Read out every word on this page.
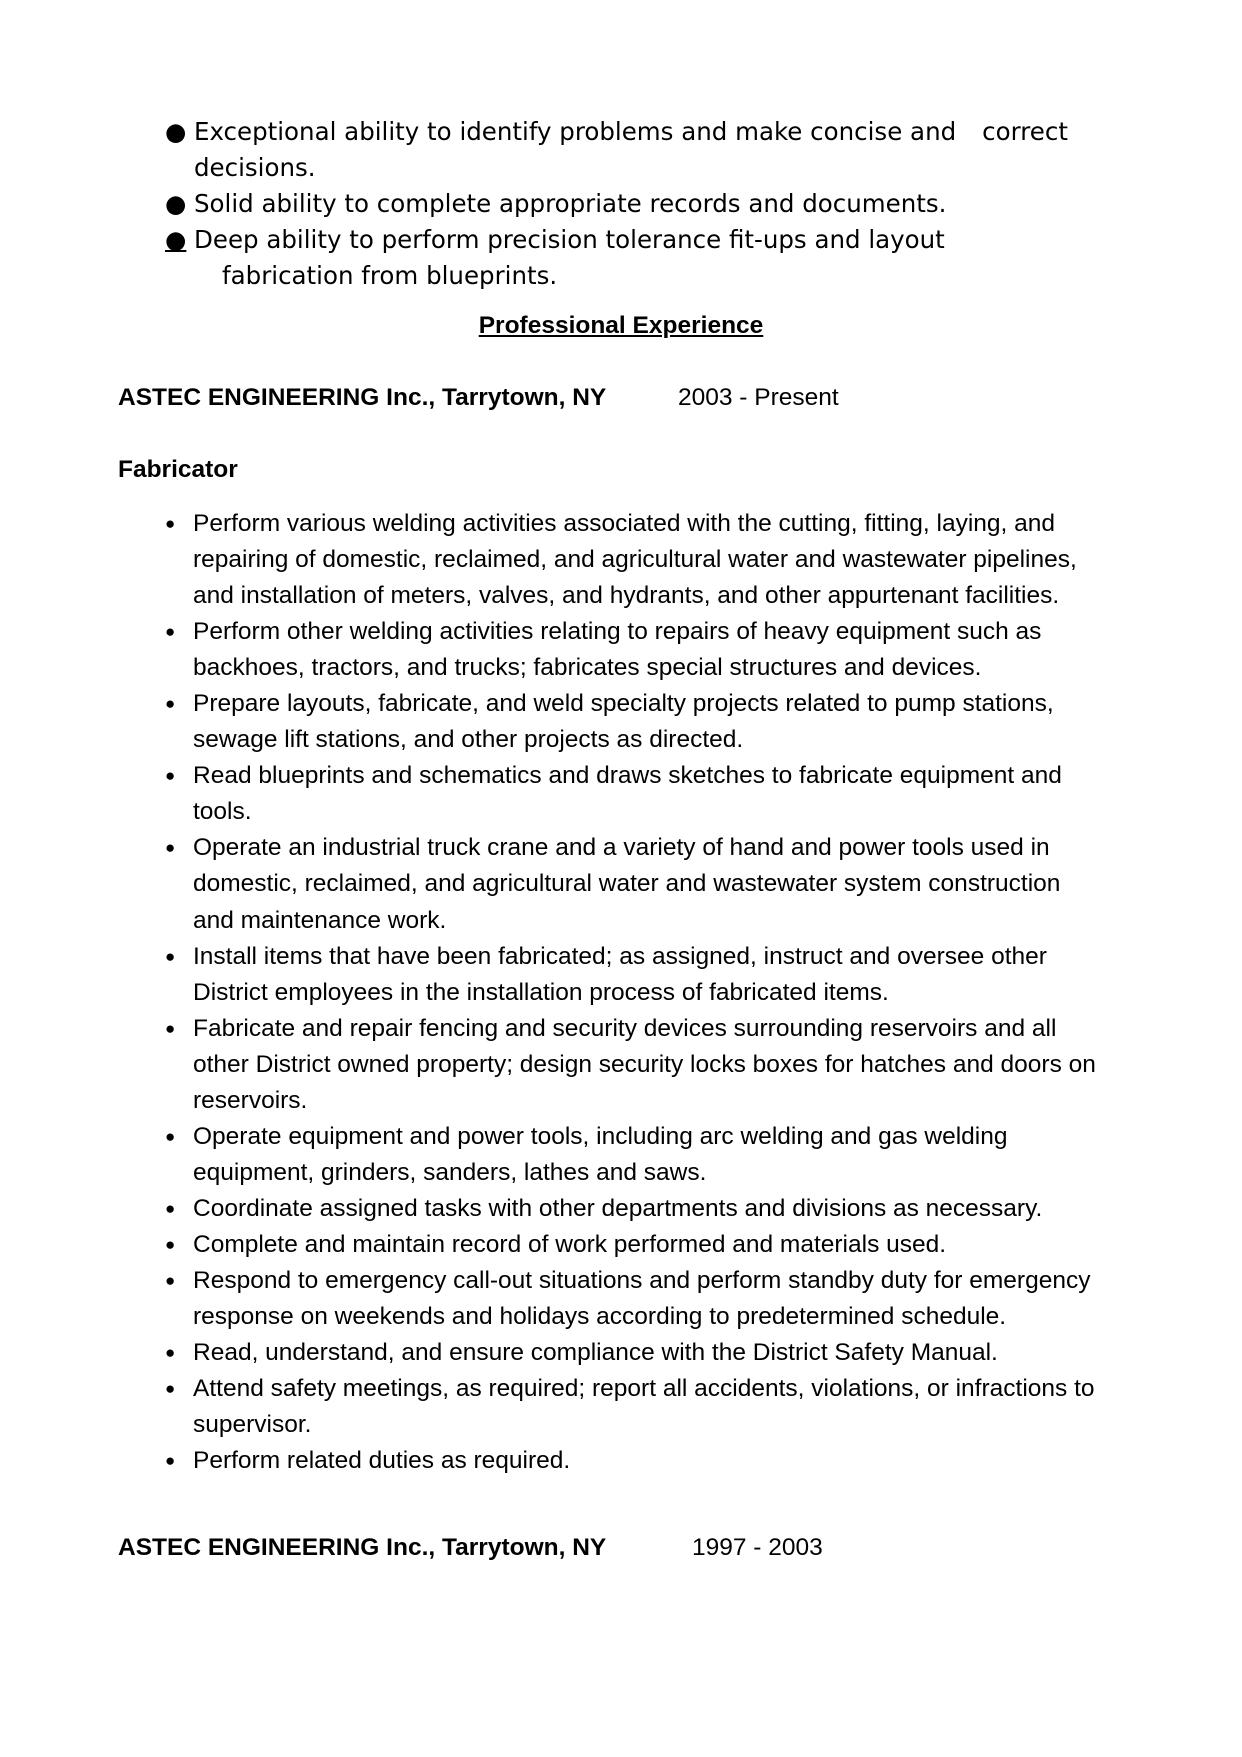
● Exceptional ability to identify problems and make concise and correct
decisions.
● Solid ability to complete appropriate records and documents.
● Deep ability to perform precision tolerance fit-ups and layout
fabrication from blueprints.
Professional Experience
ASTEC ENGINEERING Inc., Tarrytown, NY	2003 - Present
Fabricator
● Perform various welding activities associated with the cutting, fitting, laying, and
repairing of domestic, reclaimed, and agricultural water and wastewater pipelines,
and installation of meters, valves, and hydrants, and other appurtenant facilities.
● Perform other welding activities relating to repairs of heavy equipment such as
backhoes, tractors, and trucks; fabricates special structures and devices.
● Prepare layouts, fabricate, and weld specialty projects related to pump stations,
sewage lift stations, and other projects as directed.
● Read blueprints and schematics and draws sketches to fabricate equipment and
tools.
● Operate an industrial truck crane and a variety of hand and power tools used in
domestic, reclaimed, and agricultural water and wastewater system construction
and maintenance work.
● Install items that have been fabricated; as assigned, instruct and oversee other
District employees in the installation process of fabricated items.
● Fabricate and repair fencing and security devices surrounding reservoirs and all
other District owned property; design security locks boxes for hatches and doors on
reservoirs.
● Operate equipment and power tools, including arc welding and gas welding
equipment, grinders, sanders, lathes and saws.
● Coordinate assigned tasks with other departments and divisions as necessary.
● Complete and maintain record of work performed and materials used.
● Respond to emergency call-out situations and perform standby duty for emergency
response on weekends and holidays according to predetermined schedule.
● Read, understand, and ensure compliance with the District Safety Manual.
● Attend safety meetings, as required; report all accidents, violations, or infractions to
supervisor.
● Perform related duties as required.
ASTEC ENGINEERING Inc., Tarrytown, NY	1997 - 2003
